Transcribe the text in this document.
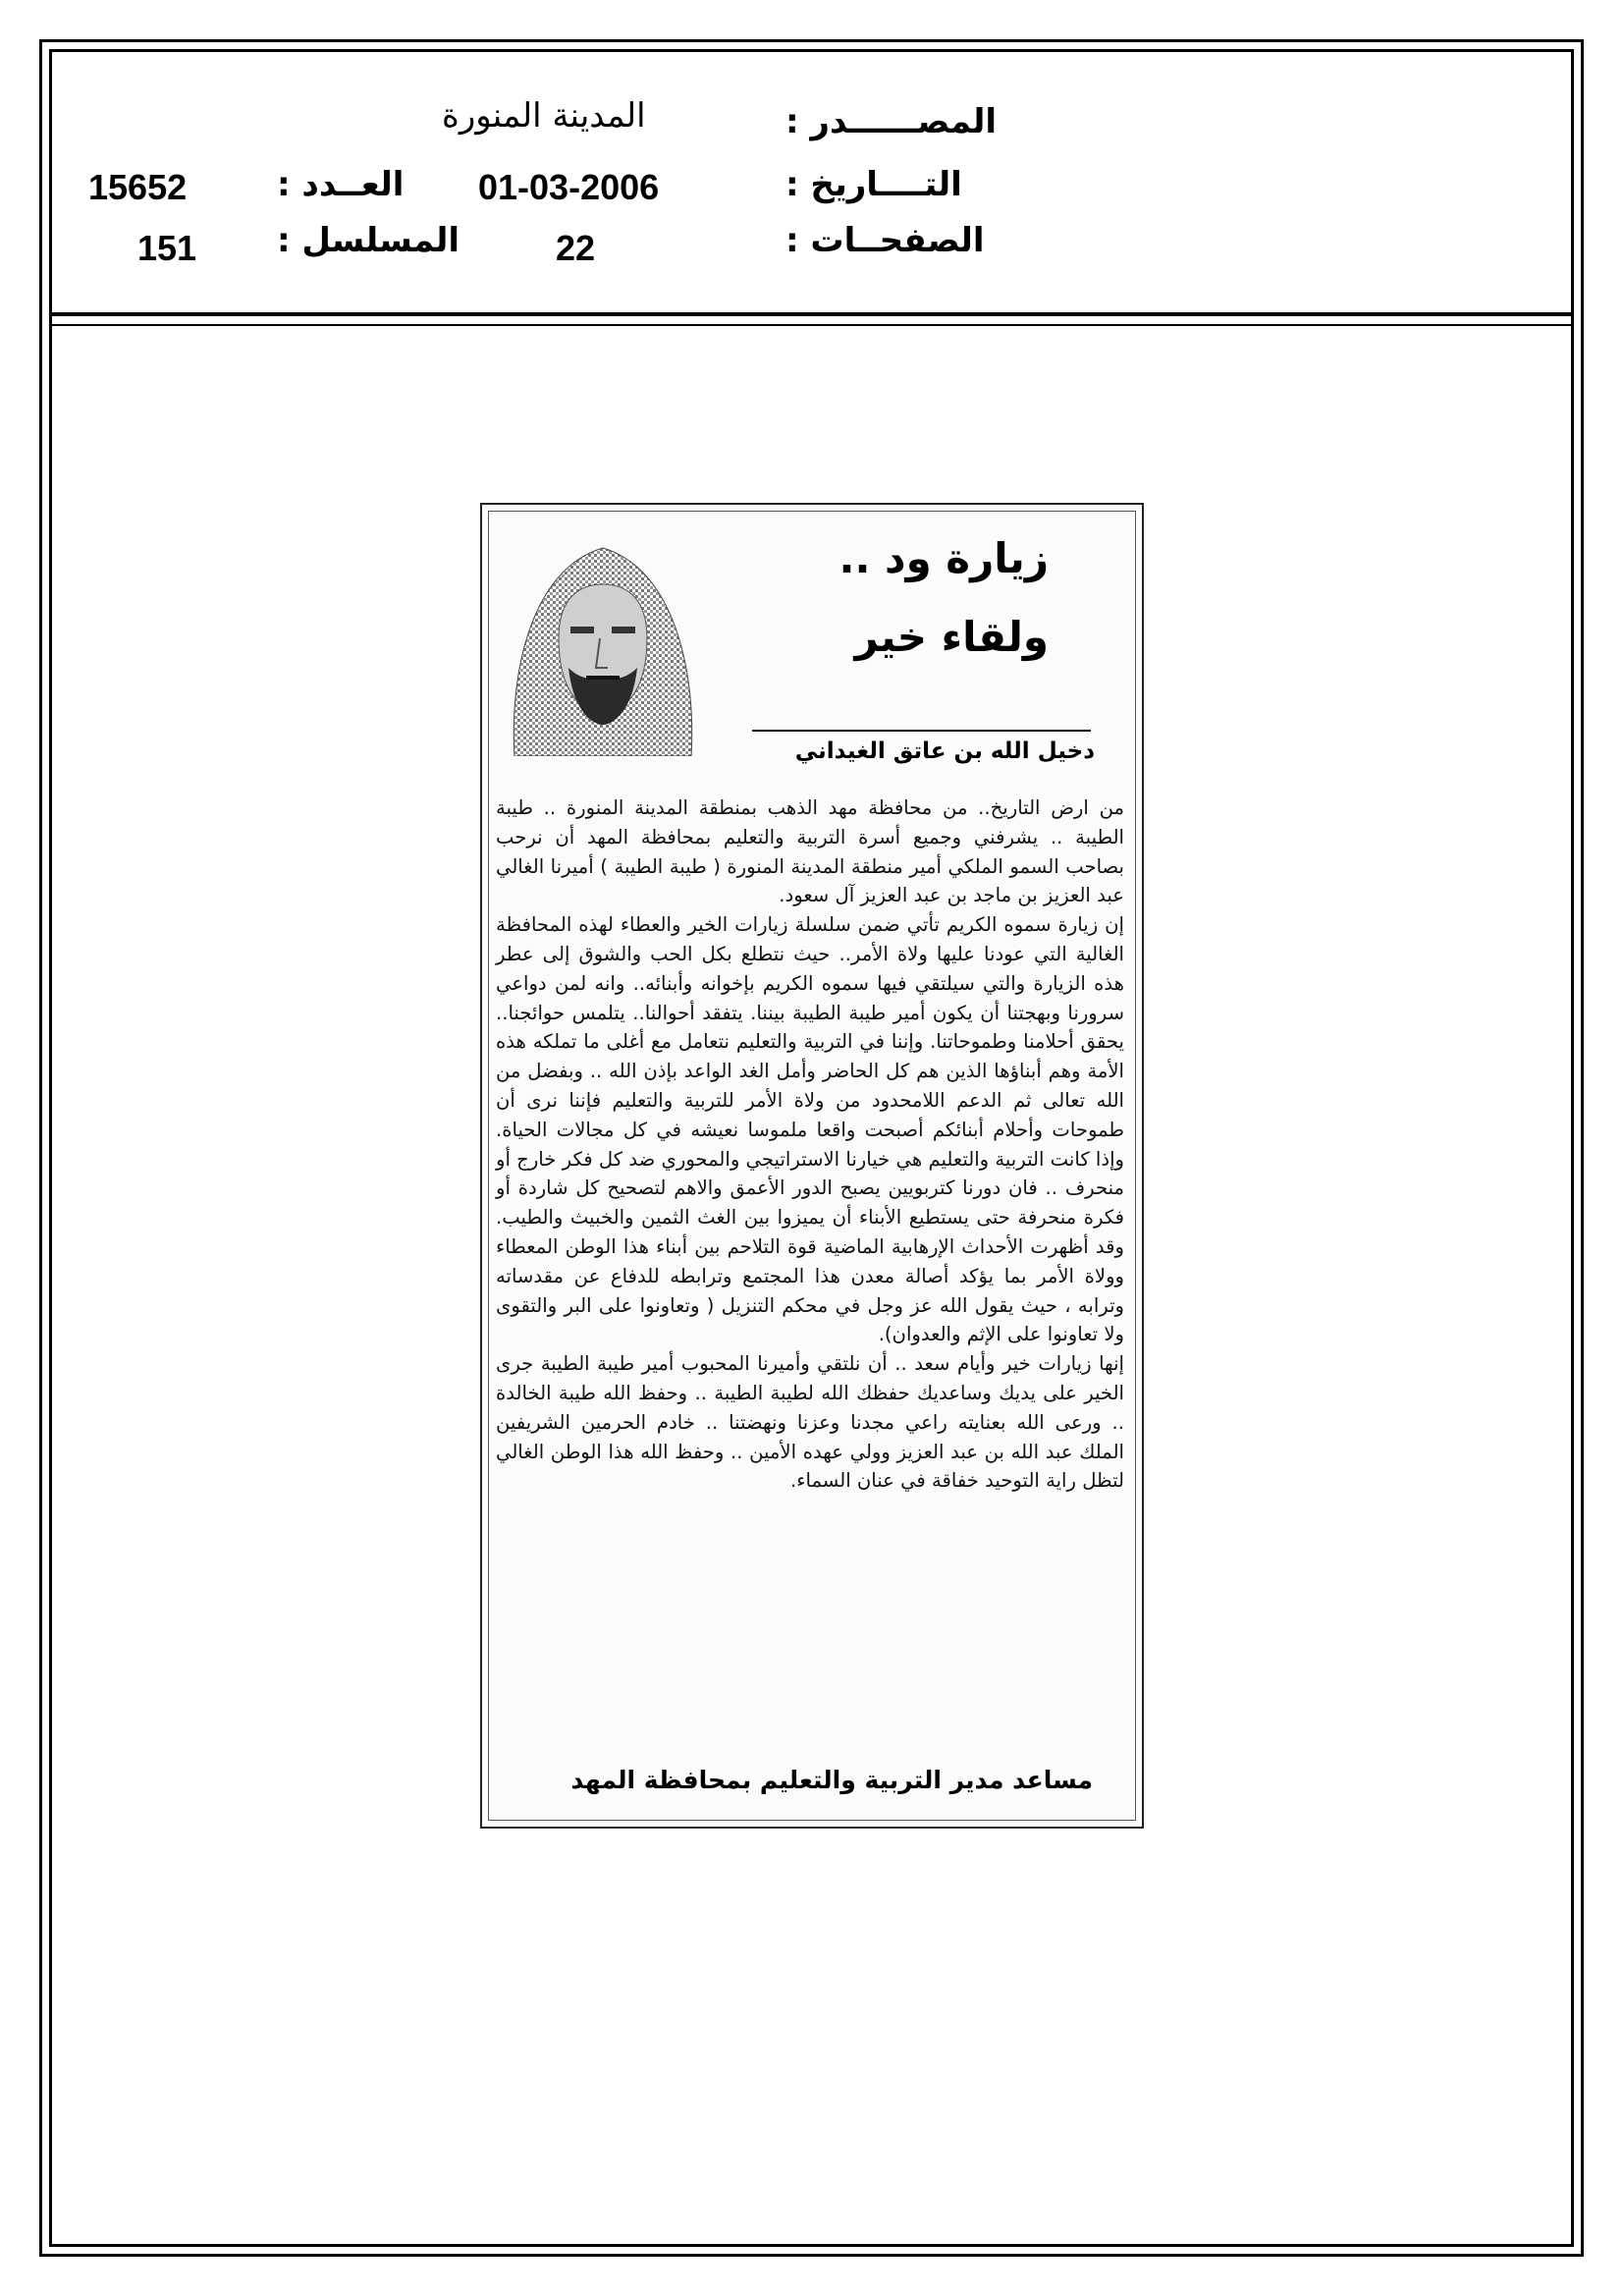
المصــــــدر :
المدينة المنورة
التــــاريخ :
01-03-2006
العــدد :
15652
الصفحــات :
22
المسلسل :
151
زيارة ود ..
ولقاء خير
دخيل الله بن عاتق الغيداني

من ارض التاريخ.. من محافظة مهد الذهب بمنطقة المدينة المنورة .. طيبة الطيبة .. يشرفني وجميع أسرة التربية والتعليم بمحافظة المهد أن نرحب بصاحب السمو الملكي أمير منطقة المدينة المنورة ( طيبة الطيبة ) أميرنا الغالي عبد العزيز بن ماجد بن عبد العزيز آل سعود.

إن زيارة سموه الكريم تأتي ضمن سلسلة زيارات الخير والعطاء لهذه المحافظة الغالية التي عودنا عليها ولاة الأمر.. حيث نتطلع بكل الحب والشوق إلى عطر هذه الزيارة والتي سيلتقي فيها سموه الكريم بإخوانه وأبنائه.. وانه لمن دواعي سرورنا وبهجتنا أن يكون أمير طيبة الطيبة بيننا. يتفقد أحوالنا.. يتلمس حوائجنا.. يحقق أحلامنا وطموحاتنا. وإننا في التربية والتعليم نتعامل مع أغلى ما تملكه هذه الأمة وهم أبناؤها الذين هم كل الحاضر وأمل الغد الواعد بإذن الله .. وبفضل من الله تعالى ثم الدعم اللامحدود من ولاة الأمر للتربية والتعليم فإننا نرى أن طموحات وأحلام أبنائكم أصبحت واقعا ملموسا نعيشه في كل مجالات الحياة. وإذا كانت التربية والتعليم هي خيارنا الاستراتيجي والمحوري ضد كل فكر خارج أو منحرف .. فان دورنا كتربويين يصبح الدور الأعمق والاهم لتصحيح كل شاردة أو فكرة منحرفة حتى يستطيع الأبناء أن يميزوا بين الغث الثمين والخبيث والطيب. وقد أظهرت الأحداث الإرهابية الماضية قوة التلاحم بين أبناء هذا الوطن المعطاء وولاة الأمر بما يؤكد أصالة معدن هذا المجتمع وترابطه للدفاع عن مقدساته وترابه ، حيث يقول الله عز وجل في محكم التنزيل ( وتعاونوا على البر والتقوى ولا تعاونوا على الإثم والعدوان).

إنها زيارات خير وأيام سعد .. أن نلتقي وأميرنا المحبوب أمير طيبة الطيبة جرى الخير على يديك وساعديك حفظك الله لطيبة الطيبة .. وحفظ الله طيبة الخالدة .. ورعى الله بعنايته راعي مجدنا وعزنا ونهضتنا .. خادم الحرمين الشريفين الملك عبد الله بن عبد العزيز وولي عهده الأمين .. وحفظ الله هذا الوطن الغالي لتظل راية التوحيد خفاقة في عنان السماء.

مساعد مدير التربية والتعليم بمحافظة المهد
